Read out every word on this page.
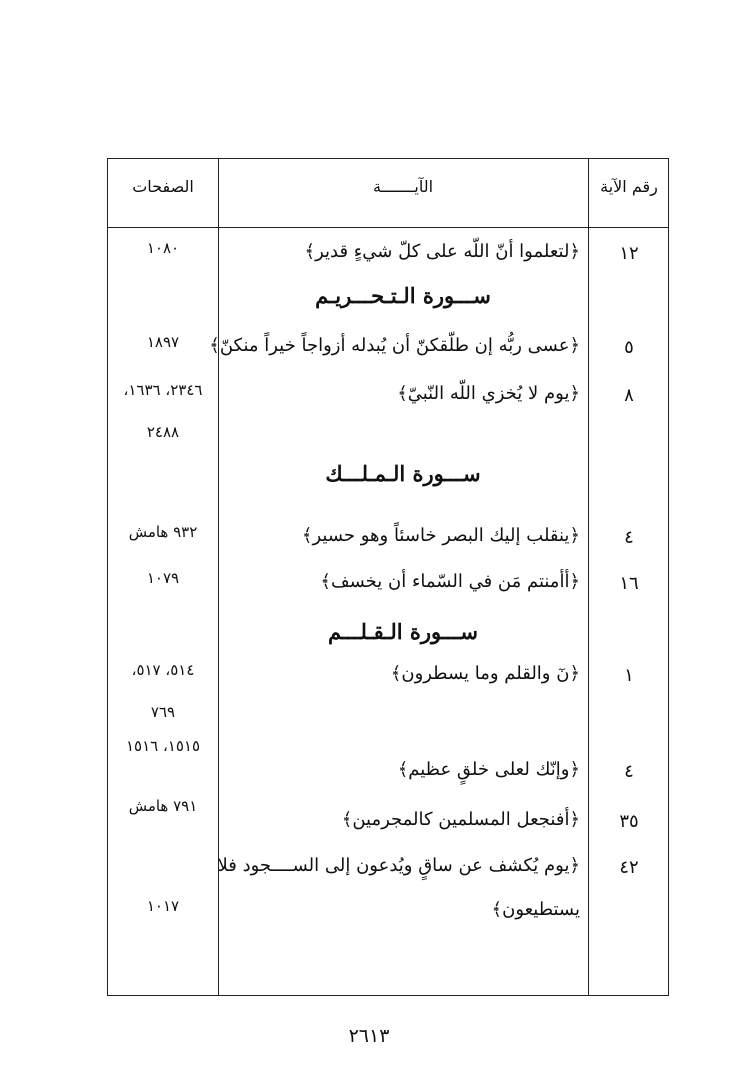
رقم الآية
الآيـــــــة
الصفحات
١٢
﴿لتعلموا أنّ اللّه على كلّ شيءٍ قدير﴾
١٠٨٠
ســـورة الـتـحـــريـم
٥
﴿عسى ربُّه إن طلّقكنّ أن يُبدله أزواجاً خيراً منكنّ﴾
١٨٩٧
٨
﴿يوم لا يُخزي اللّه النّبيّ﴾
٢٣٤٦، ١٦٣٦،
٢٤٨٨
ســـورة الـمـلـــك
٤
﴿ينقلب إليك البصر خاسئاً وهو حسير﴾
٩٣٢ هامش
١٦
﴿أأمنتم مَن في السّماء أن يخسف﴾
١٠٧٩
ســـورة الـقـلـــم
١
﴿نٓ والقلم وما يسطرون﴾
٥١٤، ٥١٧،
٧٦٩
٤
﴿وإنّك لعلى خلقٍ عظيم﴾
١٥١٥، ١٥١٦
٣٥
﴿أفنجعل المسلمين كالمجرمين﴾
٧٩١ هامش
٤٢
﴿يوم يُكشف عن ساقٍ ويُدعون إلى الســــجود فلا
يستطيعون﴾
١٠١٧
٢٦١٣
